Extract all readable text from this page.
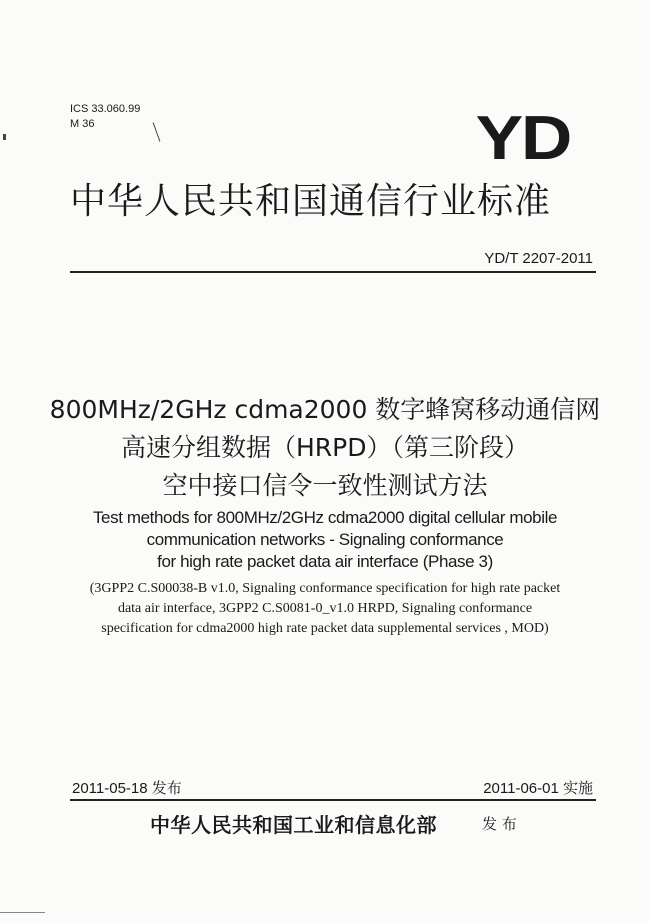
ICS 33.060.99
M 36	YD
中华人民共和国通信行业标准
YD/T 2207-2011
800MHz/2GHz cdma2000 数字蜂窝移动通信网
高速分组数据（HRPD）（第三阶段）
空中接口信令一致性测试方法
Test methods for 800MHz/2GHz cdma2000 digital cellular mobile
communication networks - Signaling conformance
for high rate packet data air interface (Phase 3)
(3GPP2 C.S00038-B v1.0, Signaling conformance specification for high rate packet
data air interface, 3GPP2 C.S0081-0_v1.0 HRPD, Signaling conformance
specification for cdma2000 high rate packet data supplemental services , MOD)
2011-05-18 发布	2011-06-01 实施
中华人民共和国工业和信息化部	发 布
